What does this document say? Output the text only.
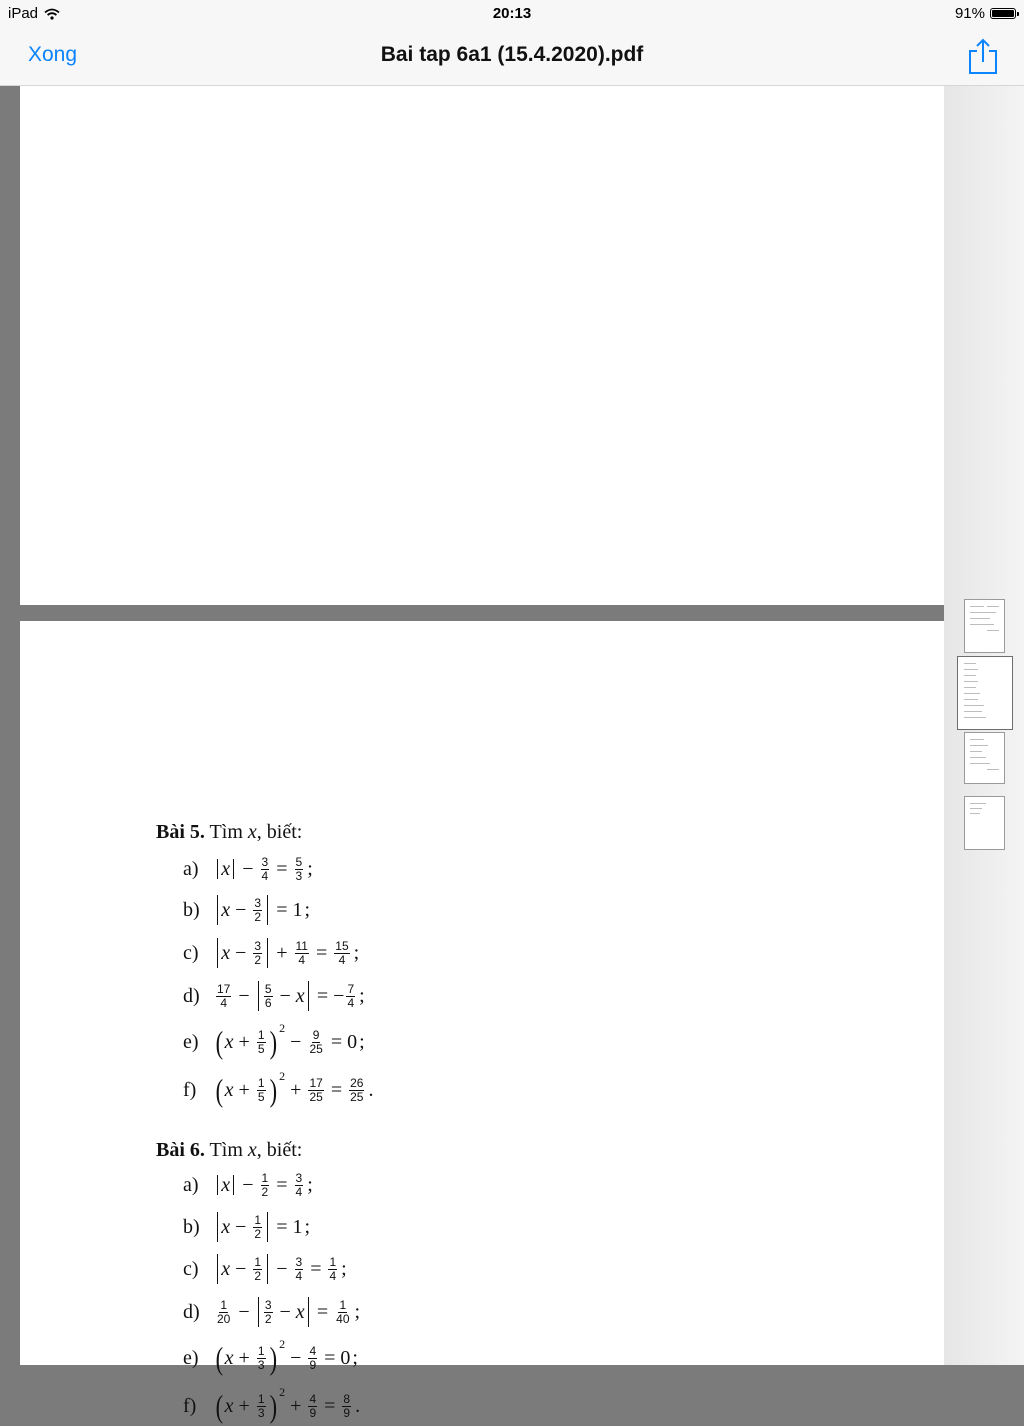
iPad	20:13	91%
Xong	Bai tap 6a1 (15.4.2020).pdf
Bài 5. Tìm x, biết:
a)	$x - \frac{3}{4} = \frac{5}{3}$ ;
b)	$x - \frac{3}{2} = 1$ ;
c)	$x - \frac{3}{2} + \frac{11}{4} = \frac{15}{4}$ ;
d)	$\frac{17}{4} - \frac{5}{6} - x$ = − $\frac{7}{4}$ ;
e) ( $x + \frac{1}{5}$ ) 2
− $\frac{9}{25} = 0$ ;
f) ( $x + \frac{1}{5}$ ) 2
+ $\frac{17}{25} = \frac{26}{25}$ .
Bài 6. Tìm x, biết:
a)	$x - \frac{1}{2} = \frac{3}{4}$ ;
b)	$x - \frac{1}{2} = 1$ ;
c)	$x - \frac{1}{2} - \frac{3}{4} = \frac{1}{4}$ ;
d)	$\frac{1}{20} - \frac{3}{2} - x = \frac{1}{40}$ ;
e) ( $x + \frac{1}{3}$ ) 2
− $\frac{4}{9} = 0$ ;
f) ( $x + \frac{1}{3}$ ) 2
+ $\frac{4}{9} = \frac{8}{9}$ .
